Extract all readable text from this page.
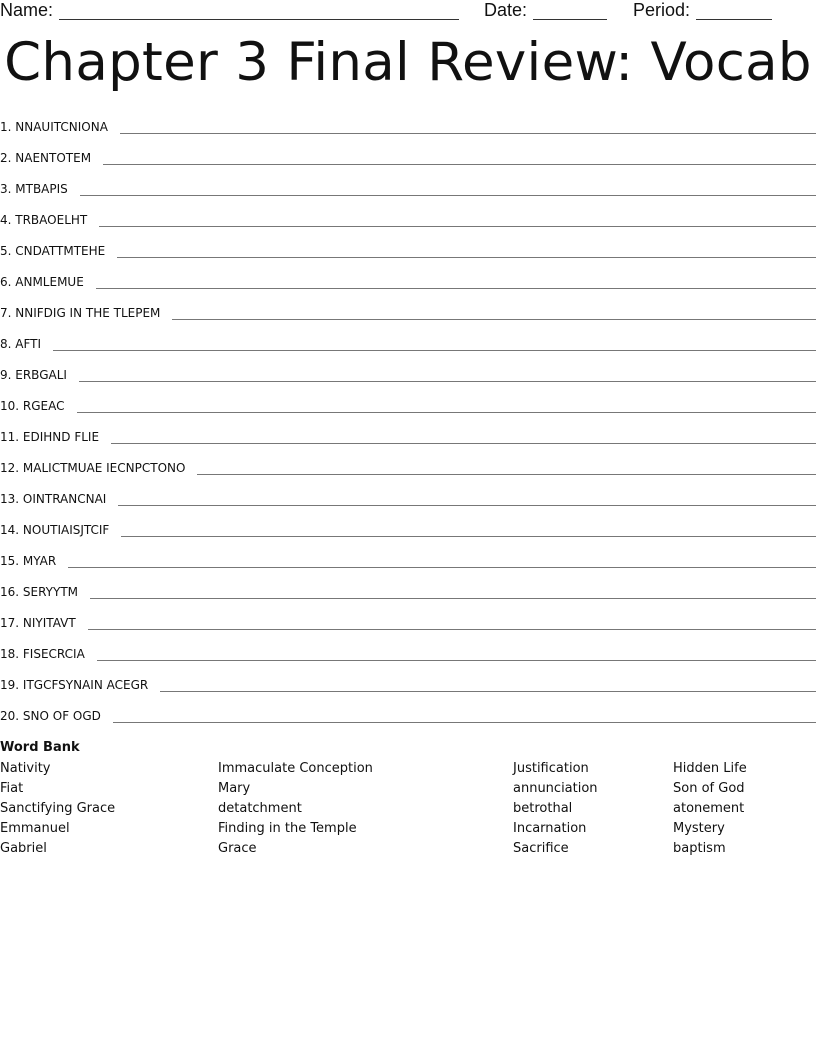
Name:	Date:	Period:
Chapter 3 Final Review: Vocab
1. NNAUITCNIONA
2. NAENTOTEM
3. MTBAPIS
4. TRBAOELHT
5. CNDATTMTEHE
6. ANMLEMUE
7. NNIFDIG IN THE TLEPEM
8. AFTI
9. ERBGALI
10. RGEAC
11. EDIHND FLIE
12. MALICTMUAE IECNPCTONO
13. OINTRANCNAI
14. NOUTIAISJTCIF
15. MYAR
16. SERYYTM
17. NIYITAVT
18. FISECRCIA
19. ITGCFSYNAIN ACEGR
20. SNO OF OGD
Word Bank
Nativity
Fiat
Sanctifying Grace
Emmanuel
Gabriel
Immaculate Conception
Mary
detatchment
Finding in the Temple
Grace
Justification
annunciation
betrothal
Incarnation
Sacrifice
Hidden Life
Son of God
atonement
Mystery
baptism
